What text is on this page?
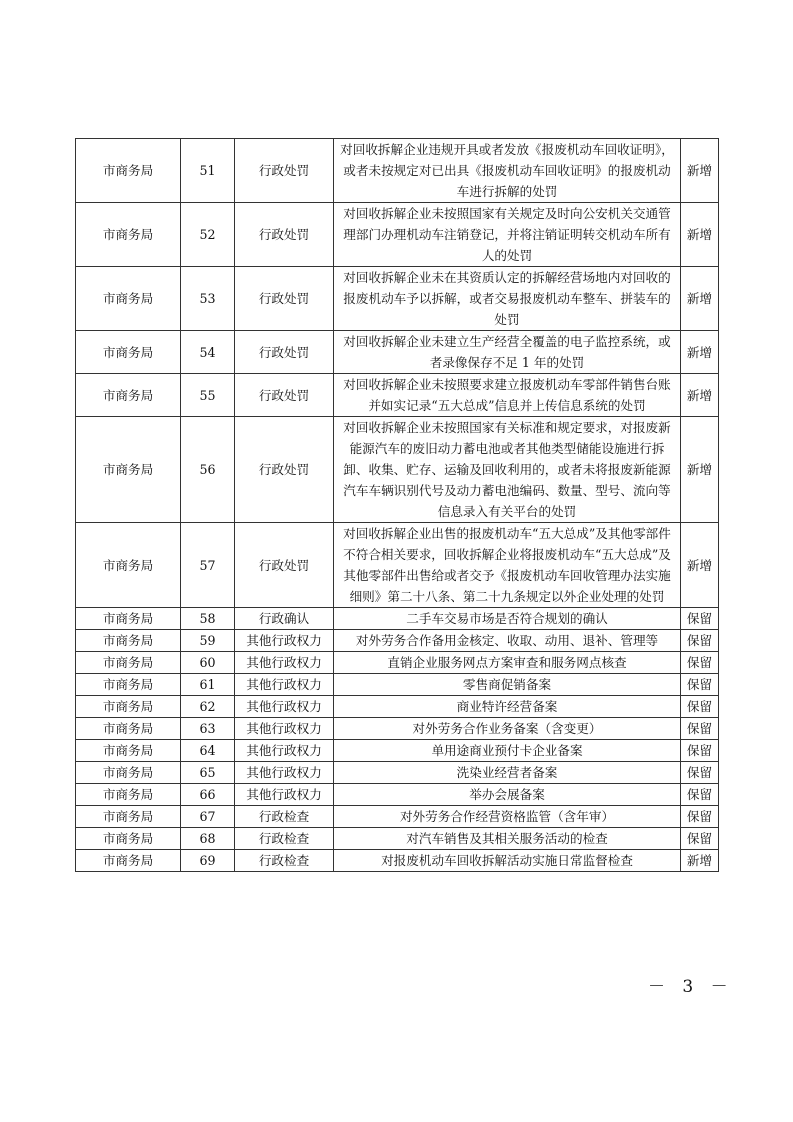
市商务局	51	行政处罚	对回收拆解企业违规开具或者发放《报废机动车回收证明》，或者未按规定对已出具《报废机动车回收证明》的报废机动车进行拆解的处罚	新增
市商务局	52	行政处罚	对回收拆解企业未按照国家有关规定及时向公安机关交通管理部门办理机动车注销登记，并将注销证明转交机动车所有人的处罚	新增
市商务局	53	行政处罚	对回收拆解企业未在其资质认定的拆解经营场地内对回收的报废机动车予以拆解，或者交易报废机动车整车、拼装车的处罚	新增
市商务局	54	行政处罚	对回收拆解企业未建立生产经营全覆盖的电子监控系统，或者录像保存不足 1 年的处罚	新增
市商务局	55	行政处罚	对回收拆解企业未按照要求建立报废机动车零部件销售台账并如实记录“五大总成”信息并上传信息系统的处罚	新增
市商务局	56	行政处罚	对回收拆解企业未按照国家有关标准和规定要求，对报废新能源汽车的废旧动力蓄电池或者其他类型储能设施进行拆卸、收集、贮存、运输及回收利用的，或者未将报废新能源汽车车辆识别代号及动力蓄电池编码、数量、型号、流向等信息录入有关平台的处罚	新增
市商务局	57	行政处罚	对回收拆解企业出售的报废机动车“五大总成”及其他零部件不符合相关要求，回收拆解企业将报废机动车“五大总成”及其他零部件出售给或者交予《报废机动车回收管理办法实施细则》第二十八条、第二十九条规定以外企业处理的处罚	新增
市商务局	58	行政确认	二手车交易市场是否符合规划的确认	保留
市商务局	59	其他行政权力	对外劳务合作备用金核定、收取、动用、退补、管理等	保留
市商务局	60	其他行政权力	直销企业服务网点方案审查和服务网点核查	保留
市商务局	61	其他行政权力	零售商促销备案	保留
市商务局	62	其他行政权力	商业特许经营备案	保留
市商务局	63	其他行政权力	对外劳务合作业务备案（含变更）	保留
市商务局	64	其他行政权力	单用途商业预付卡企业备案	保留
市商务局	65	其他行政权力	洗染业经营者备案	保留
市商务局	66	其他行政权力	举办会展备案	保留
市商务局	67	行政检查	对外劳务合作经营资格监管（含年审）	保留
市商务局	68	行政检查	对汽车销售及其相关服务活动的检查	保留
市商务局	69	行政检查	对报废机动车回收拆解活动实施日常监督检查	新增
－ 3 －
